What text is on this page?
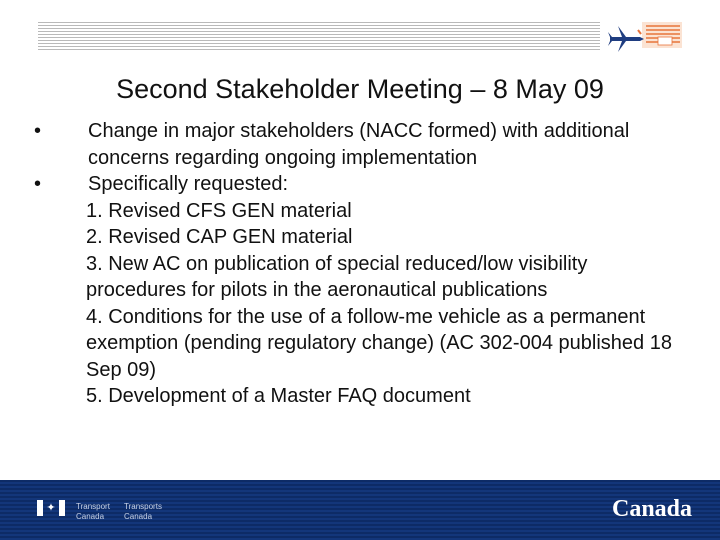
Second Stakeholder Meeting – 8 May 09
•	Change in major stakeholders (NACC formed) with additional concerns regarding ongoing implementation
•	Specifically requested:
1. Revised CFS GEN material
2. Revised CAP GEN material
3. New AC on publication of special reduced/low visibility procedures for pilots in the aeronautical publications
4. Conditions for the use of a follow-me vehicle as a permanent exemption (pending regulatory change) (AC 302-004 published 18 Sep 09)
5. Development of a Master FAQ document
✦	Transport
Canada
Transports
Canada	Canada
